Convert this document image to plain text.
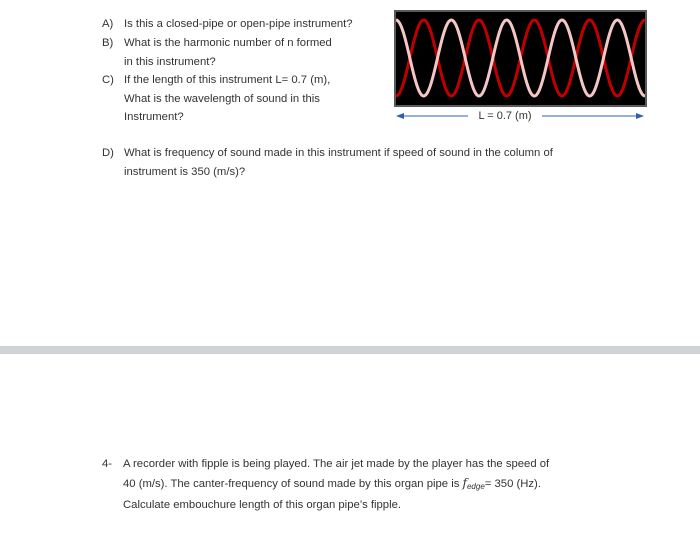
A) Is this a closed-pipe or open-pipe instrument?
B) What is the harmonic number of n formed
in this instrument?
C) If the length of this instrument L= 0.7 (m),
What is the wavelength of sound in this
Instrument?	L = 0.7 (m)
D) What is frequency of sound made in this instrument if speed of sound in the column of
instrument is 350 (m/s)?
4- A recorder with fipple is being played. The air jet made by the player has the speed of
40 (m/s). The canter-frequency of sound made by this organ pipe is $f_{edge}= 350$ (Hz).
Calculate embouchure length of this organ pipe’s fipple.
